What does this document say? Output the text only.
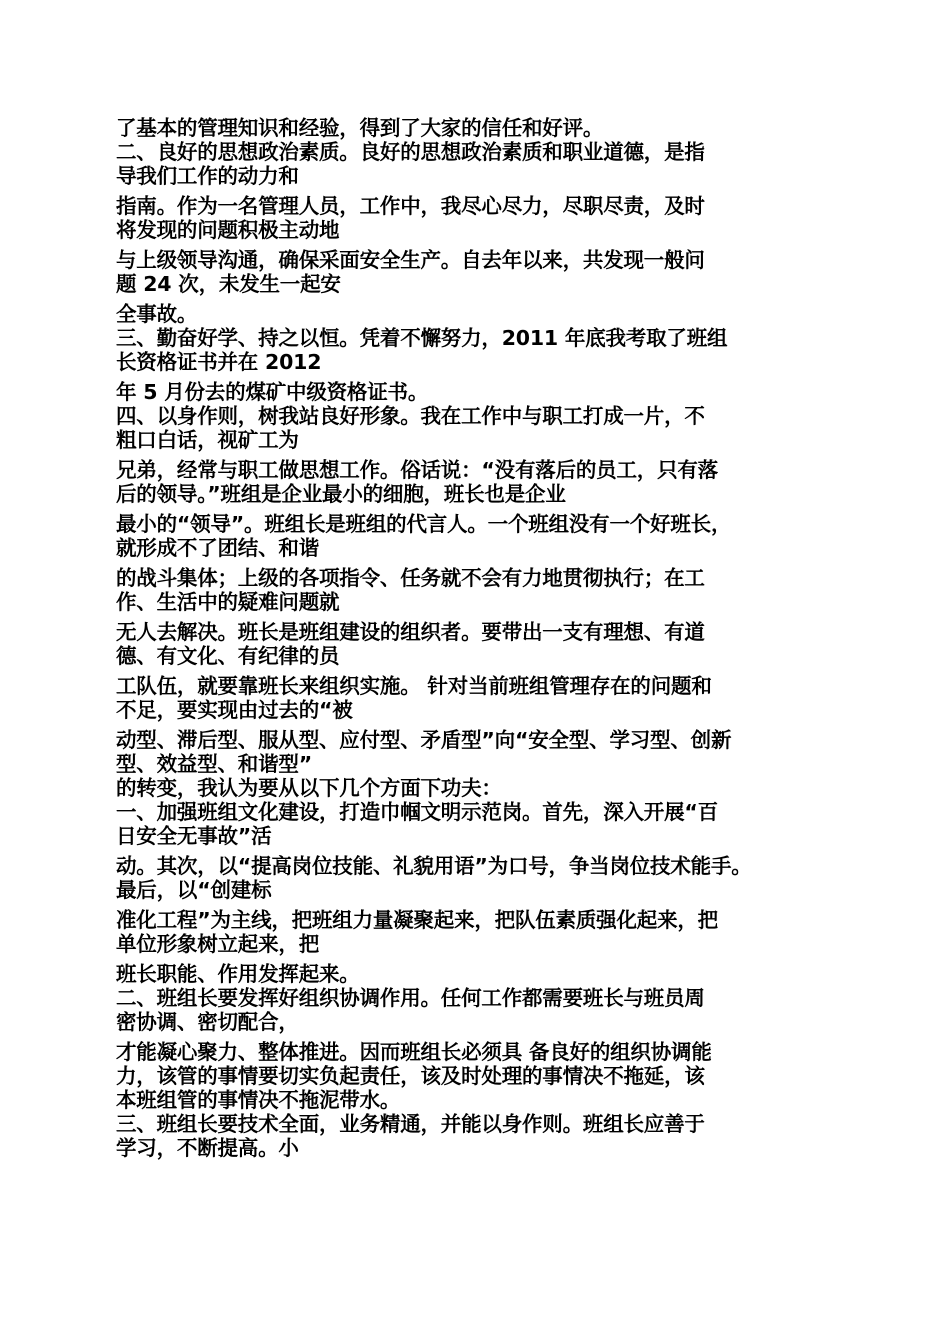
了基本的管理知识和经验，得到了大家的信任和好评。
二、良好的思想政治素质。良好的思想政治素质和职业道德，是指
导我们工作的动力和
指南。作为一名管理人员，工作中，我尽心尽力，尽职尽责，及时
将发现的问题积极主动地
与上级领导沟通，确保采面安全生产。自去年以来，共发现一般问
题 24 次，未发生一起安
全事故。
三、勤奋好学、持之以恒。凭着不懈努力，2011 年底我考取了班组
长资格证书并在 2012
年 5 月份去的煤矿中级资格证书。
四、以身作则，树我站良好形象。我在工作中与职工打成一片，不
粗口白话，视矿工为
兄弟，经常与职工做思想工作。俗话说：“没有落后的员工，只有落
后的领导。”班组是企业最小的细胞，班长也是企业
最小的“领导”。班组长是班组的代言人。一个班组没有一个好班长，
就形成不了团结、和谐
的战斗集体；上级的各项指令、任务就不会有力地贯彻执行；在工
作、生活中的疑难问题就
无人去解决。班长是班组建设的组织者。要带出一支有理想、有道
德、有文化、有纪律的员
工队伍，就要靠班长来组织实施。 针对当前班组管理存在的问题和
不足，要实现由过去的“被
动型、滞后型、服从型、应付型、矛盾型”向“安全型、学习型、创新
型、效益型、和谐型”
的转变，我认为要从以下几个方面下功夫：
一、加强班组文化建设，打造巾帼文明示范岗。首先，深入开展“百
日安全无事故”活
动。其次，以“提高岗位技能、礼貌用语”为口号，争当岗位技术能手。
最后，以“创建标
准化工程”为主线，把班组力量凝聚起来，把队伍素质强化起来，把
单位形象树立起来，把
班长职能、作用发挥起来。
二、班组长要发挥好组织协调作用。任何工作都需要班长与班员周
密协调、密切配合，
才能凝心聚力、整体推进。因而班组长必须具 备良好的组织协调能
力，该管的事情要切实负起责任，该及时处理的事情决不拖延，该
本班组管的事情决不拖泥带水。
三、班组长要技术全面，业务精通，并能以身作则。班组长应善于
学习，不断提高。小
